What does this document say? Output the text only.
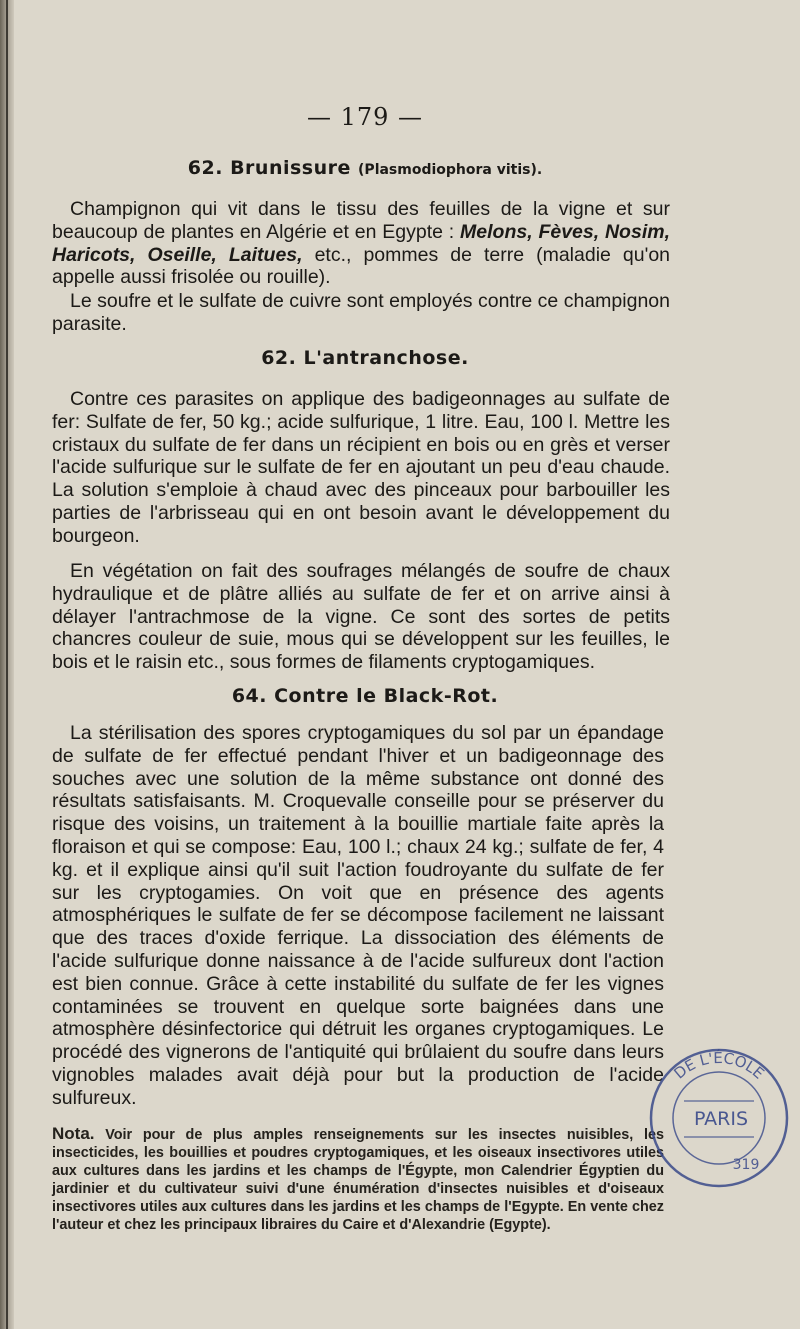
— 179 —
62. Brunissure (Plasmodiophora vitis).
Champignon qui vit dans le tissu des feuilles de la vigne et sur beaucoup de plantes en Algérie et en Egypte : Melons, Fèves, Nosim, Haricots, Oseille, Laitues, etc., pommes de terre (maladie qu'on appelle aussi frisolée ou rouille).
Le soufre et le sulfate de cuivre sont employés contre ce champignon parasite.
62. L'antranchose.
Contre ces parasites on applique des badigeonnages au sulfate de fer: Sulfate de fer, 50 kg.; acide sulfurique, 1 litre. Eau, 100 l. Mettre les cristaux du sulfate de fer dans un récipient en bois ou en grès et verser l'acide sulfurique sur le sulfate de fer en ajoutant un peu d'eau chaude. La solution s'emploie à chaud avec des pinceaux pour barbouiller les parties de l'arbrisseau qui en ont besoin avant le développement du bourgeon.
En végétation on fait des soufrages mélangés de soufre de chaux hydraulique et de plâtre alliés au sulfate de fer et on arrive ainsi à délayer l'antrachmose de la vigne. Ce sont des sortes de petits chancres couleur de suie, mous qui se développent sur les feuilles, le bois et le raisin etc., sous formes de filaments cryptogamiques.
64. Contre le Black-Rot.
La stérilisation des spores cryptogamiques du sol par un épandage de sulfate de fer effectué pendant l'hiver et un badigeonnage des souches avec une solution de la même substance ont donné des résultats satisfaisants. M. Croquevalle conseille pour se préserver du risque des voisins, un traitement à la bouillie martiale faite après la floraison et qui se compose: Eau, 100 l.; chaux 24 kg.; sulfate de fer, 4 kg. et il explique ainsi qu'il suit l'action foudroyante du sulfate de fer sur les cryptogamies. On voit que en présence des agents atmosphériques le sulfate de fer se décompose facilement ne laissant que des traces d'oxide ferrique. La dissociation des éléments de l'acide sulfurique donne naissance à de l'acide sulfureux dont l'action est bien connue. Grâce à cette instabilité du sulfate de fer les vignes contaminées se trouvent en quelque sorte baignées dans une atmosphère désinfectorice qui détruit les organes cryptogamiques. Le procédé des vignerons de l'antiquité qui brûlaient du soufre dans leurs vignobles malades avait déjà pour but la production de l'acide sulfureux.
Nota. Voir pour de plus amples renseignements sur les insectes nuisibles, les insecticides, les bouillies et poudres cryptogamiques, et les oiseaux insectivores utiles aux cultures dans les jardins et les champs de l'Égypte, mon Calendrier Égyptien du jardinier et du cultivateur suivi d'une énumération d'insectes nuisibles et d'oiseaux insectivores utiles aux cultures dans les jardins et les champs de l'Egypte. En vente chez l'auteur et chez les principaux libraires du Caire et d'Alexandrie (Egypte).
DE L'ÉCOLE
PARIS
319
